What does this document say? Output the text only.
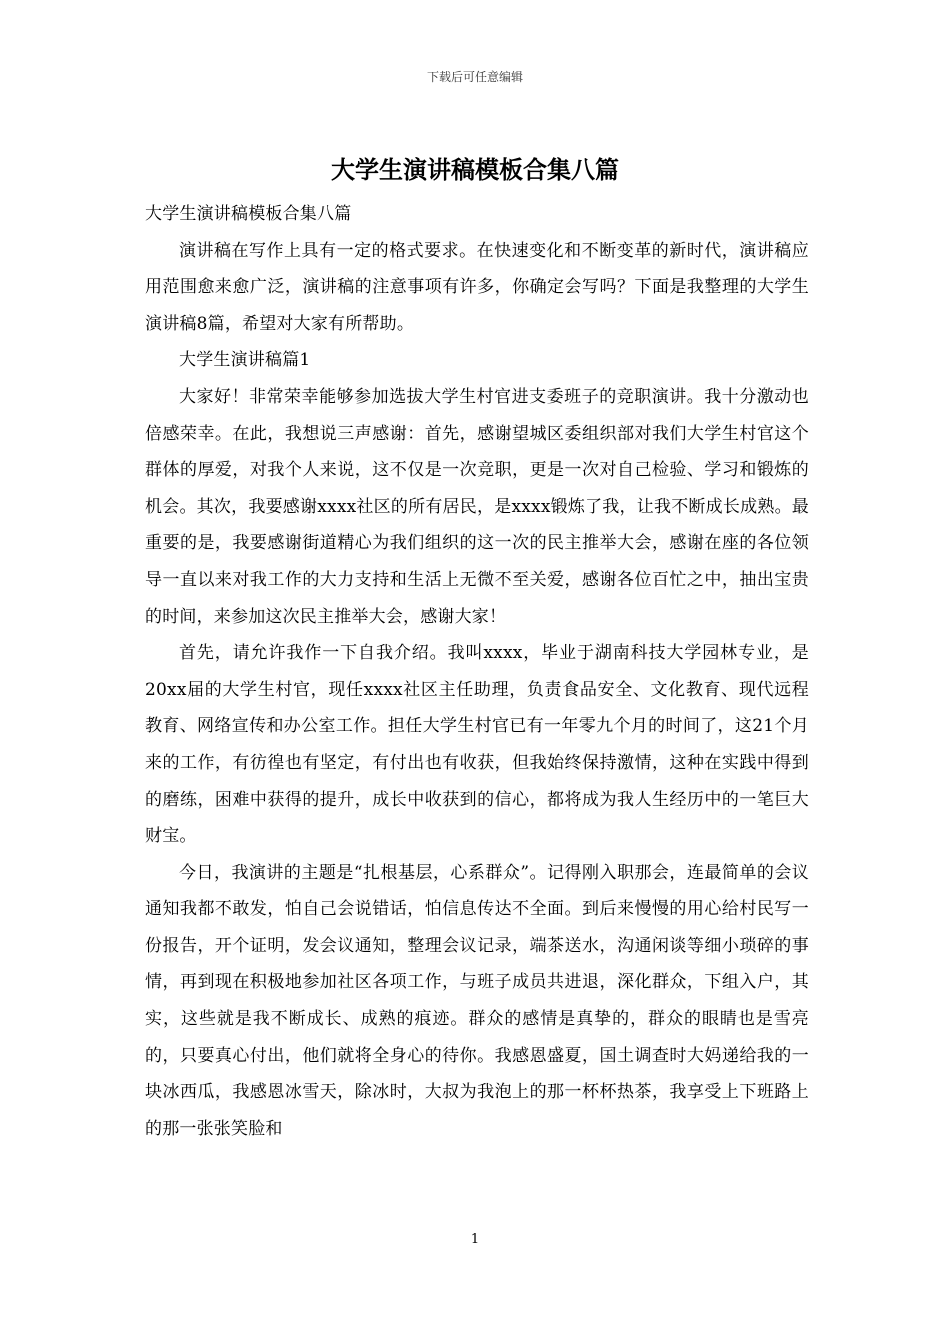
下载后可任意编辑
大学生演讲稿模板合集八篇

大学生演讲稿模板合集八篇

演讲稿在写作上具有一定的格式要求。在快速变化和不断变革的新时代，演讲稿应用范围愈来愈广泛，演讲稿的注意事项有许多，你确定会写吗？下面是我整理的大学生演讲稿8篇，希望对大家有所帮助。

大学生演讲稿篇1

大家好！非常荣幸能够参加选拔大学生村官进支委班子的竞职演讲。我十分激动也倍感荣幸。在此，我想说三声感谢：首先，感谢望城区委组织部对我们大学生村官这个群体的厚爱，对我个人来说，这不仅是一次竞职，更是一次对自己检验、学习和锻炼的机会。其次，我要感谢xxxx社区的所有居民，是xxxx锻炼了我，让我不断成长成熟。最重要的是，我要感谢街道精心为我们组织的这一次的民主推举大会，感谢在座的各位领导一直以来对我工作的大力支持和生活上无微不至关爱，感谢各位百忙之中，抽出宝贵的时间，来参加这次民主推举大会，感谢大家！

首先，请允许我作一下自我介绍。我叫xxxx，毕业于湖南科技大学园林专业，是20xx届的大学生村官，现任xxxx社区主任助理，负责食品安全、文化教育、现代远程教育、网络宣传和办公室工作。担任大学生村官已有一年零九个月的时间了，这21个月来的工作，有彷徨也有坚定，有付出也有收获，但我始终保持激情，这种在实践中得到的磨练，困难中获得的提升，成长中收获到的信心，都将成为我人生经历中的一笔巨大财宝。

今日，我演讲的主题是“扎根基层，心系群众”。记得刚入职那会，连最简单的会议通知我都不敢发，怕自己会说错话，怕信息传达不全面。到后来慢慢的用心给村民写一份报告，开个证明，发会议通知，整理会议记录，端茶送水，沟通闲谈等细小琐碎的事情，再到现在积极地参加社区各项工作，与班子成员共进退，深化群众，下组入户，其实，这些就是我不断成长、成熟的痕迹。群众的感情是真挚的，群众的眼睛也是雪亮的，只要真心付出，他们就将全身心的待你。我感恩盛夏，国土调查时大妈递给我的一块冰西瓜，我感恩冰雪天，除冰时，大叔为我泡上的那一杯杯热茶，我享受上下班路上的那一张张笑脸和

1
